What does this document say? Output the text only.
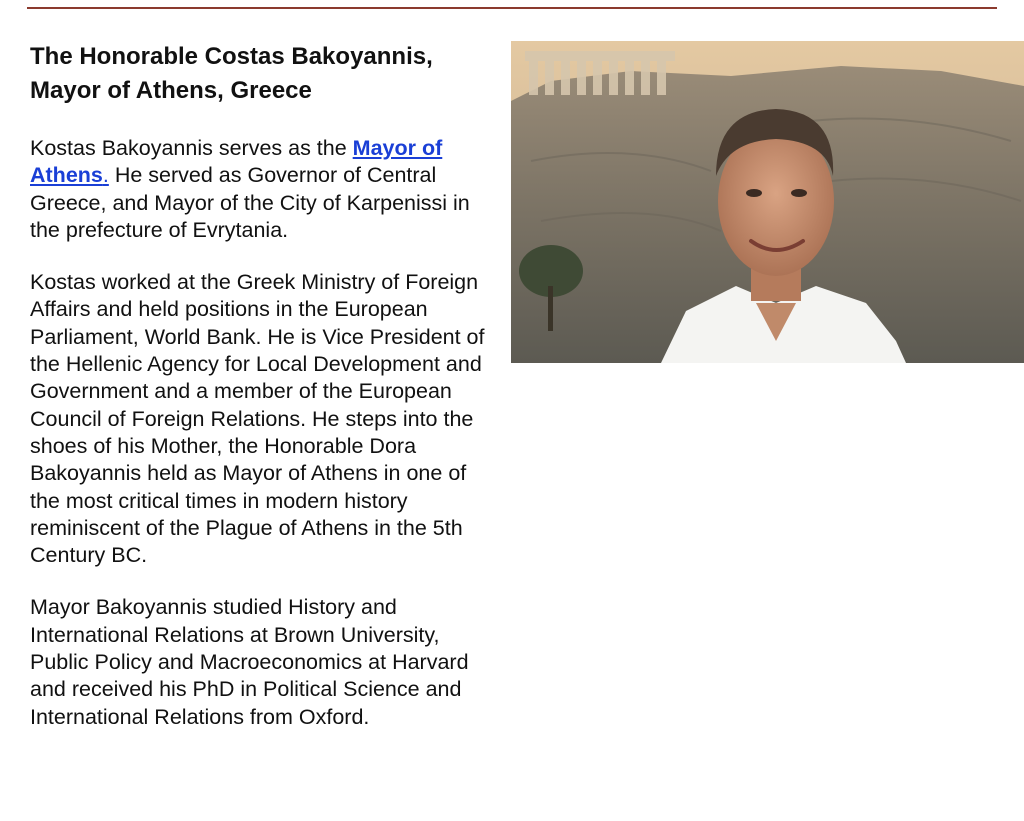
The Honorable Costas Bakoyannis, Mayor of Athens, Greece

Kostas Bakoyannis serves as the Mayor of Athens. He served as Governor of Central Greece, and Mayor of the City of Karpenissi in the prefecture of Evrytania.

Kostas worked at the Greek Ministry of Foreign Affairs and held positions in the European Parliament, World Bank. He is Vice President of the Hellenic Agency for Local Development and Government and a member of the European Council of Foreign Relations. He steps into the shoes of his Mother, the Honorable Dora Bakoyannis held as Mayor of Athens in one of the most critical times in modern history reminiscent of the Plague of Athens in the 5th Century BC.

Mayor Bakoyannis studied History and International Relations at Brown University, Public Policy and Macroeconomics at Harvard and received his PhD in Political Science and International Relations from Oxford.
